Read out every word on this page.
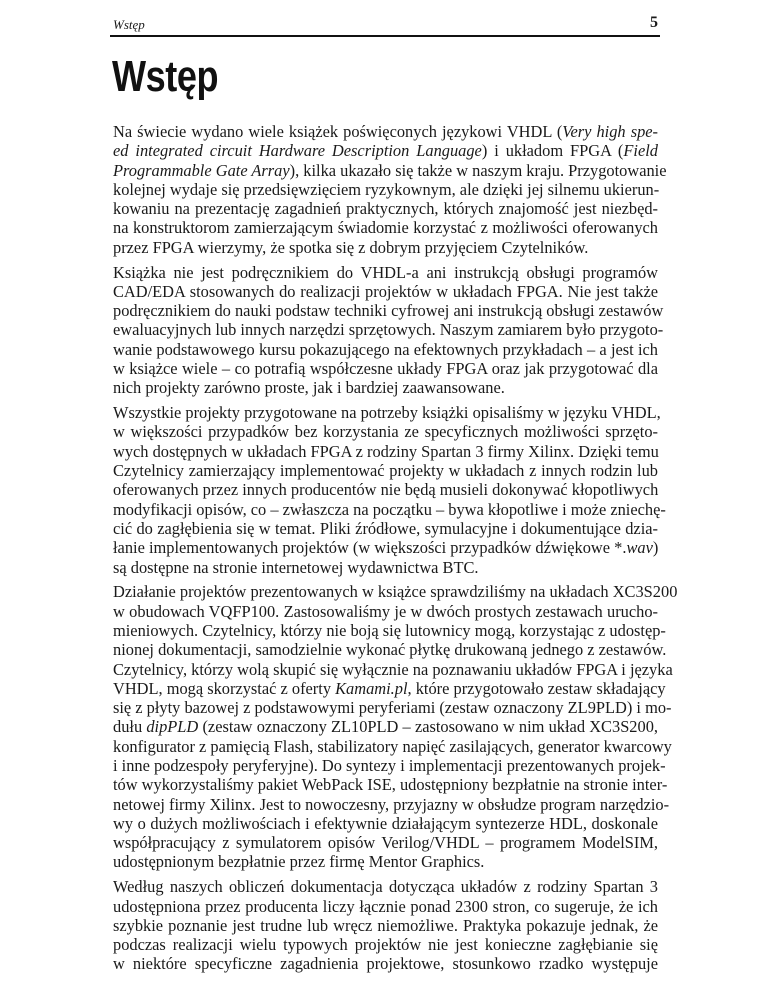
Wstęp	5
Wstęp
Na świecie wydano wiele książek poświęconych językowi VHDL (Very high spe-
ed integrated circuit Hardware Description Language) i układom FPGA (Field
Programmable Gate Array), kilka ukazało się także w naszym kraju. Przygotowanie
kolejnej wydaje się przedsięwzięciem ryzykownym, ale dzięki jej silnemu ukierun-
kowaniu na prezentację zagadnień praktycznych, których znajomość jest niezbęd-
na konstruktorom zamierzającym świadomie korzystać z możliwości oferowanych
przez FPGA wierzymy, że spotka się z dobrym przyjęciem Czytelników.
Książka nie jest podręcznikiem do VHDL-a ani instrukcją obsługi programów
CAD/EDA stosowanych do realizacji projektów w układach FPGA. Nie jest także
podręcznikiem do nauki podstaw techniki cyfrowej ani instrukcją obsługi zestawów
ewaluacyjnych lub innych narzędzi sprzętowych. Naszym zamiarem było przygoto-
wanie podstawowego kursu pokazującego na efektownych przykładach – a jest ich
w książce wiele – co potrafią współczesne układy FPGA oraz jak przygotować dla
nich projekty zarówno proste, jak i bardziej zaawansowane.
Wszystkie projekty przygotowane na potrzeby książki opisaliśmy w języku VHDL,
w większości przypadków bez korzystania ze specyficznych możliwości sprzęto-
wych dostępnych w układach FPGA z rodziny Spartan 3 firmy Xilinx. Dzięki temu
Czytelnicy zamierzający implementować projekty w układach z innych rodzin lub
oferowanych przez innych producentów nie będą musieli dokonywać kłopotliwych
modyfikacji opisów, co – zwłaszcza na początku – bywa kłopotliwe i może zniechę-
cić do zagłębienia się w temat. Pliki źródłowe, symulacyjne i dokumentujące dzia-
łanie implementowanych projektów (w większości przypadków dźwiękowe *.wav)
są dostępne na stronie internetowej wydawnictwa BTC.
Działanie projektów prezentowanych w książce sprawdziliśmy na układach XC3S200
w obudowach VQFP100. Zastosowaliśmy je w dwóch prostych zestawach urucho-
mieniowych. Czytelnicy, którzy nie boją się lutownicy mogą, korzystając z udostęp-
nionej dokumentacji, samodzielnie wykonać płytkę drukowaną jednego z zestawów.
Czytelnicy, którzy wolą skupić się wyłącznie na poznawaniu układów FPGA i języka
VHDL, mogą skorzystać z oferty Kamami.pl, które przygotowało zestaw składający
się z płyty bazowej z podstawowymi peryferiami (zestaw oznaczony ZL9PLD) i mo-
dułu dipPLD (zestaw oznaczony ZL10PLD – zastosowano w nim układ XC3S200,
konfigurator z pamięcią Flash, stabilizatory napięć zasilających, generator kwarcowy
i inne podzespoły peryferyjne). Do syntezy i implementacji prezentowanych projek-
tów wykorzystaliśmy pakiet WebPack ISE, udostępniony bezpłatnie na stronie inter-
netowej firmy Xilinx. Jest to nowoczesny, przyjazny w obsłudze program narzędzio-
wy o dużych możliwościach i efektywnie działającym syntezerze HDL, doskonale
współpracujący z symulatorem opisów Verilog/VHDL – programem ModelSIM,
udostępnionym bezpłatnie przez firmę Mentor Graphics.
Według naszych obliczeń dokumentacja dotycząca układów z rodziny Spartan 3
udostępniona przez producenta liczy łącznie ponad 2300 stron, co sugeruje, że ich
szybkie poznanie jest trudne lub wręcz niemożliwe. Praktyka pokazuje jednak, że
podczas realizacji wielu typowych projektów nie jest konieczne zagłębianie się
w niektóre specyficzne zagadnienia projektowe, stosunkowo rzadko występuje
